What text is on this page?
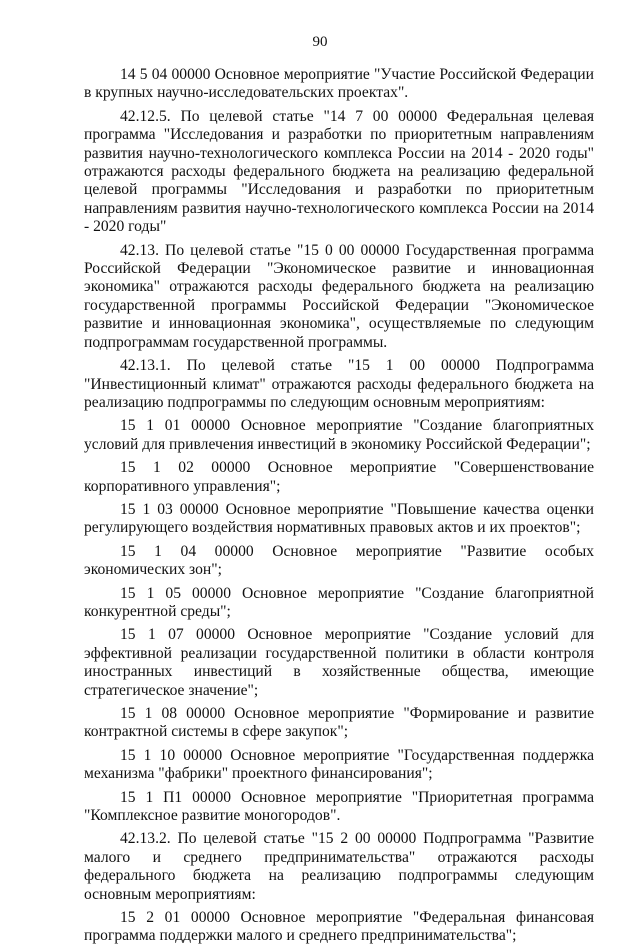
90

14 5 04 00000 Основное мероприятие "Участие Российской Федерации в крупных научно-исследовательских проектах".

42.12.5. По целевой статье "14 7 00 00000 Федеральная целевая программа "Исследования и разработки по приоритетным направлениям развития научно-технологического комплекса России на 2014 - 2020 годы" отражаются расходы федерального бюджета на реализацию федеральной целевой программы "Исследования и разработки по приоритетным направлениям развития научно-технологического комплекса России на 2014 - 2020 годы"

42.13. По целевой статье "15 0 00 00000 Государственная программа Российской Федерации "Экономическое развитие и инновационная экономика" отражаются расходы федерального бюджета на реализацию государственной программы Российской Федерации "Экономическое развитие и инновационная экономика", осуществляемые по следующим подпрограммам государственной программы.

42.13.1. По целевой статье "15 1 00 00000 Подпрограмма "Инвестиционный климат" отражаются расходы федерального бюджета на реализацию подпрограммы по следующим основным мероприятиям:

15 1 01 00000 Основное мероприятие "Создание благоприятных условий для привлечения инвестиций в экономику Российской Федерации";

15 1 02 00000 Основное мероприятие "Совершенствование корпоративного управления";

15 1 03 00000 Основное мероприятие "Повышение качества оценки регулирующего воздействия нормативных правовых актов и их проектов";

15 1 04 00000 Основное мероприятие "Развитие особых экономических зон";

15 1 05 00000 Основное мероприятие "Создание благоприятной конкурентной среды";

15 1 07 00000 Основное мероприятие "Создание условий для эффективной реализации государственной политики в области контроля иностранных инвестиций в хозяйственные общества, имеющие стратегическое значение";

15 1 08 00000 Основное мероприятие "Формирование и развитие контрактной системы в сфере закупок";

15 1 10 00000 Основное мероприятие "Государственная поддержка механизма "фабрики" проектного финансирования";

15 1 П1 00000 Основное мероприятие "Приоритетная программа "Комплексное развитие моногородов".

42.13.2. По целевой статье "15 2 00 00000 Подпрограмма "Развитие малого и среднего предпринимательства" отражаются расходы федерального бюджета на реализацию подпрограммы следующим основным мероприятиям:

15 2 01 00000 Основное мероприятие "Федеральная финансовая программа поддержки малого и среднего предпринимательства";
